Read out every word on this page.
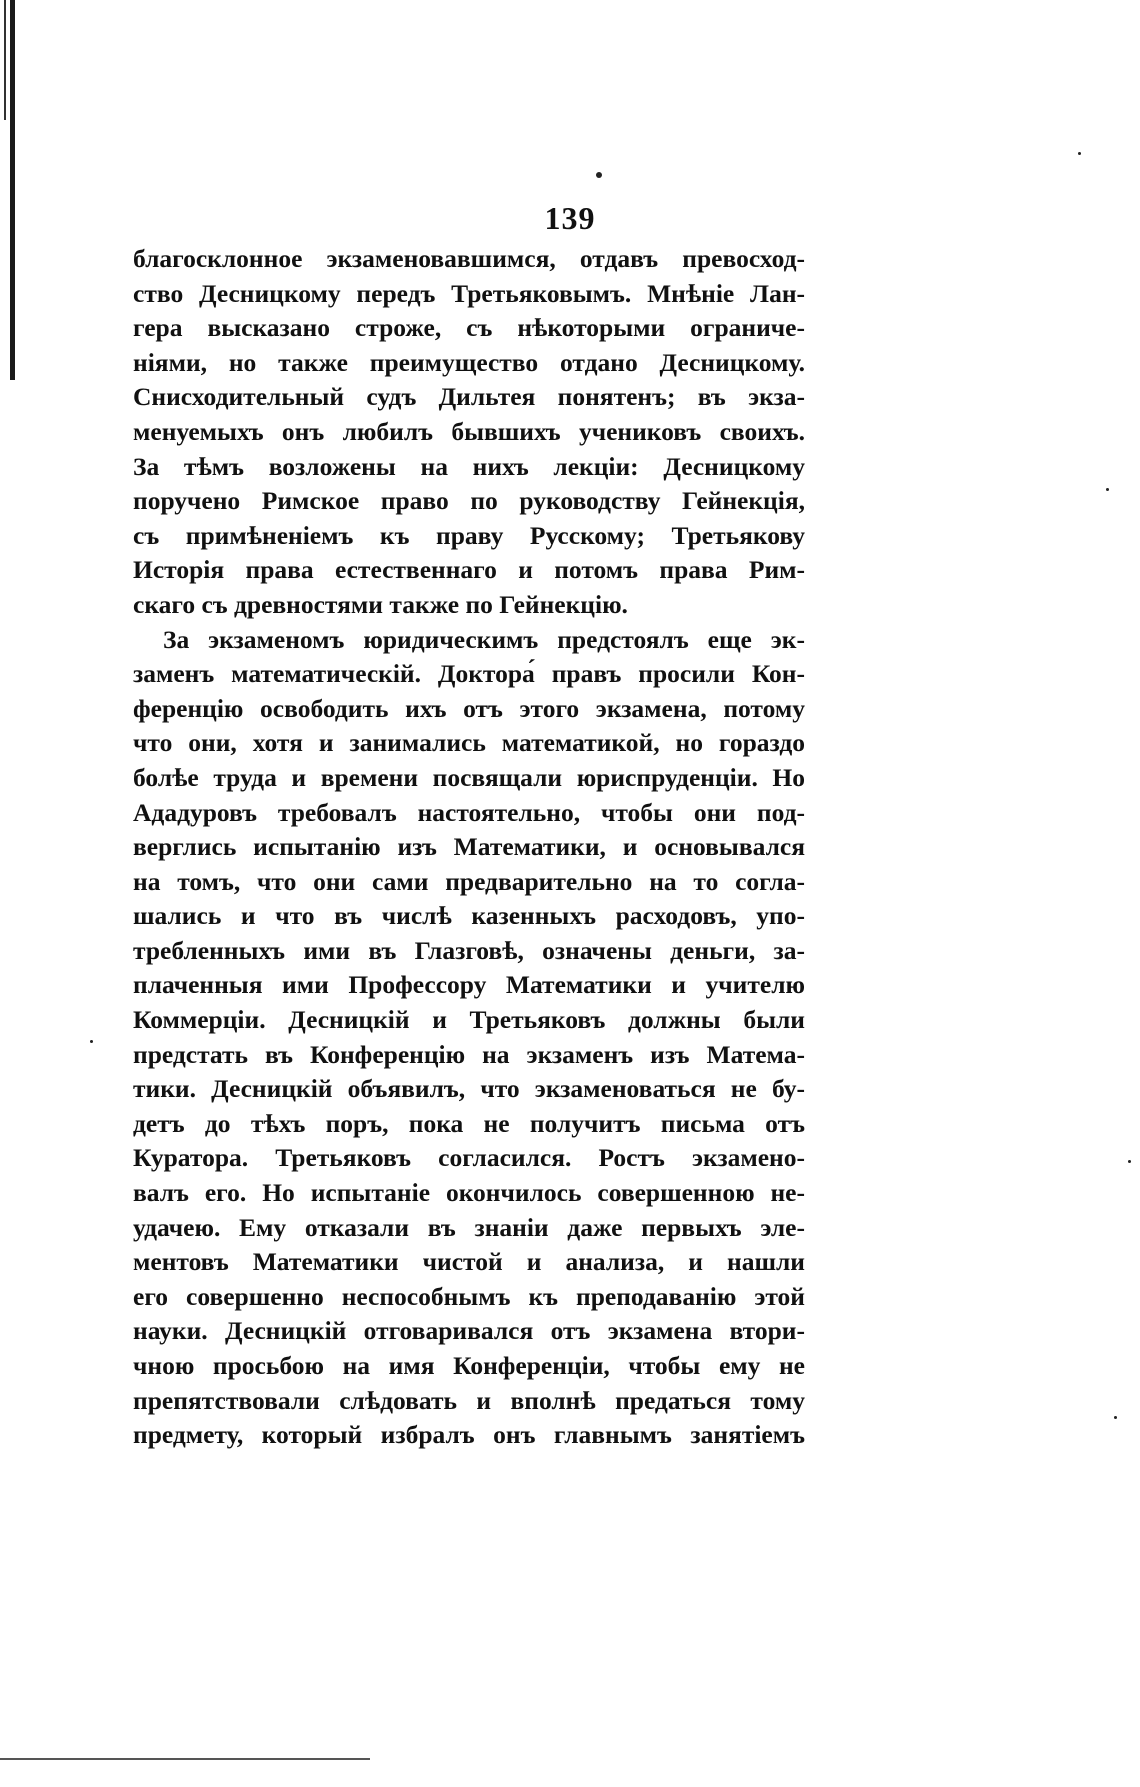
139
благосклонное экзаменовавшимся, отдавъ превосход-
ство Десницкому передъ Третьяковымъ. Мнѣніе Лан-
гера высказано строже, съ нѣкоторыми ограниче-
ніями, но также преимущество отдано Десницкому.
Снисходительный судъ Дильтея понятенъ; въ экза-
менуемыхъ онъ любилъ бывшихъ учениковъ своихъ.
За тѣмъ возложены на нихъ лекціи: Десницкому
поручено Римское право по руководству Гейнекція,
съ примѣненіемъ къ праву Русскому; Третьякову
Исторія права естественнаго и потомъ права Рим-
скаго съ древностями также по Гейнекцію.
За экзаменомъ юридическимъ предстоялъ еще эк-
заменъ математическій. Доктора́ правъ просили Кон-
ференцію освободить ихъ отъ этого экзамена, потому
что они, хотя и занимались математикой, но гораздо
болѣе труда и времени посвящали юриспруденціи. Но
Ададуровъ требовалъ настоятельно, чтобы они под-
верглись испытанію изъ Математики, и основывался
на томъ, что они сами предварительно на то согла-
шались и что въ числѣ казенныхъ расходовъ, упо-
требленныхъ ими въ Глазговѣ, означены деньги, за-
плаченныя ими Профессору Математики и учителю
Коммерціи. Десницкій и Третьяковъ должны были
предстать въ Конференцію на экзаменъ изъ Матема-
тики. Десницкій объявилъ, что экзаменоваться не бу-
детъ до тѣхъ поръ, пока не получитъ письма отъ
Куратора. Третьяковъ согласился. Ростъ экзамено-
валъ его. Но испытаніе окончилось совершенною не-
удачею. Ему отказали въ знаніи даже первыхъ эле-
ментовъ Математики чистой и анализа, и нашли
его совершенно неспособнымъ къ преподаванію этой
науки. Десницкій отговаривался отъ экзамена втори-
чною просьбою на имя Конференціи, чтобы ему не
препятствовали слѣдовать и вполнѣ предаться тому
предмету, который избралъ онъ главнымъ занятіемъ
